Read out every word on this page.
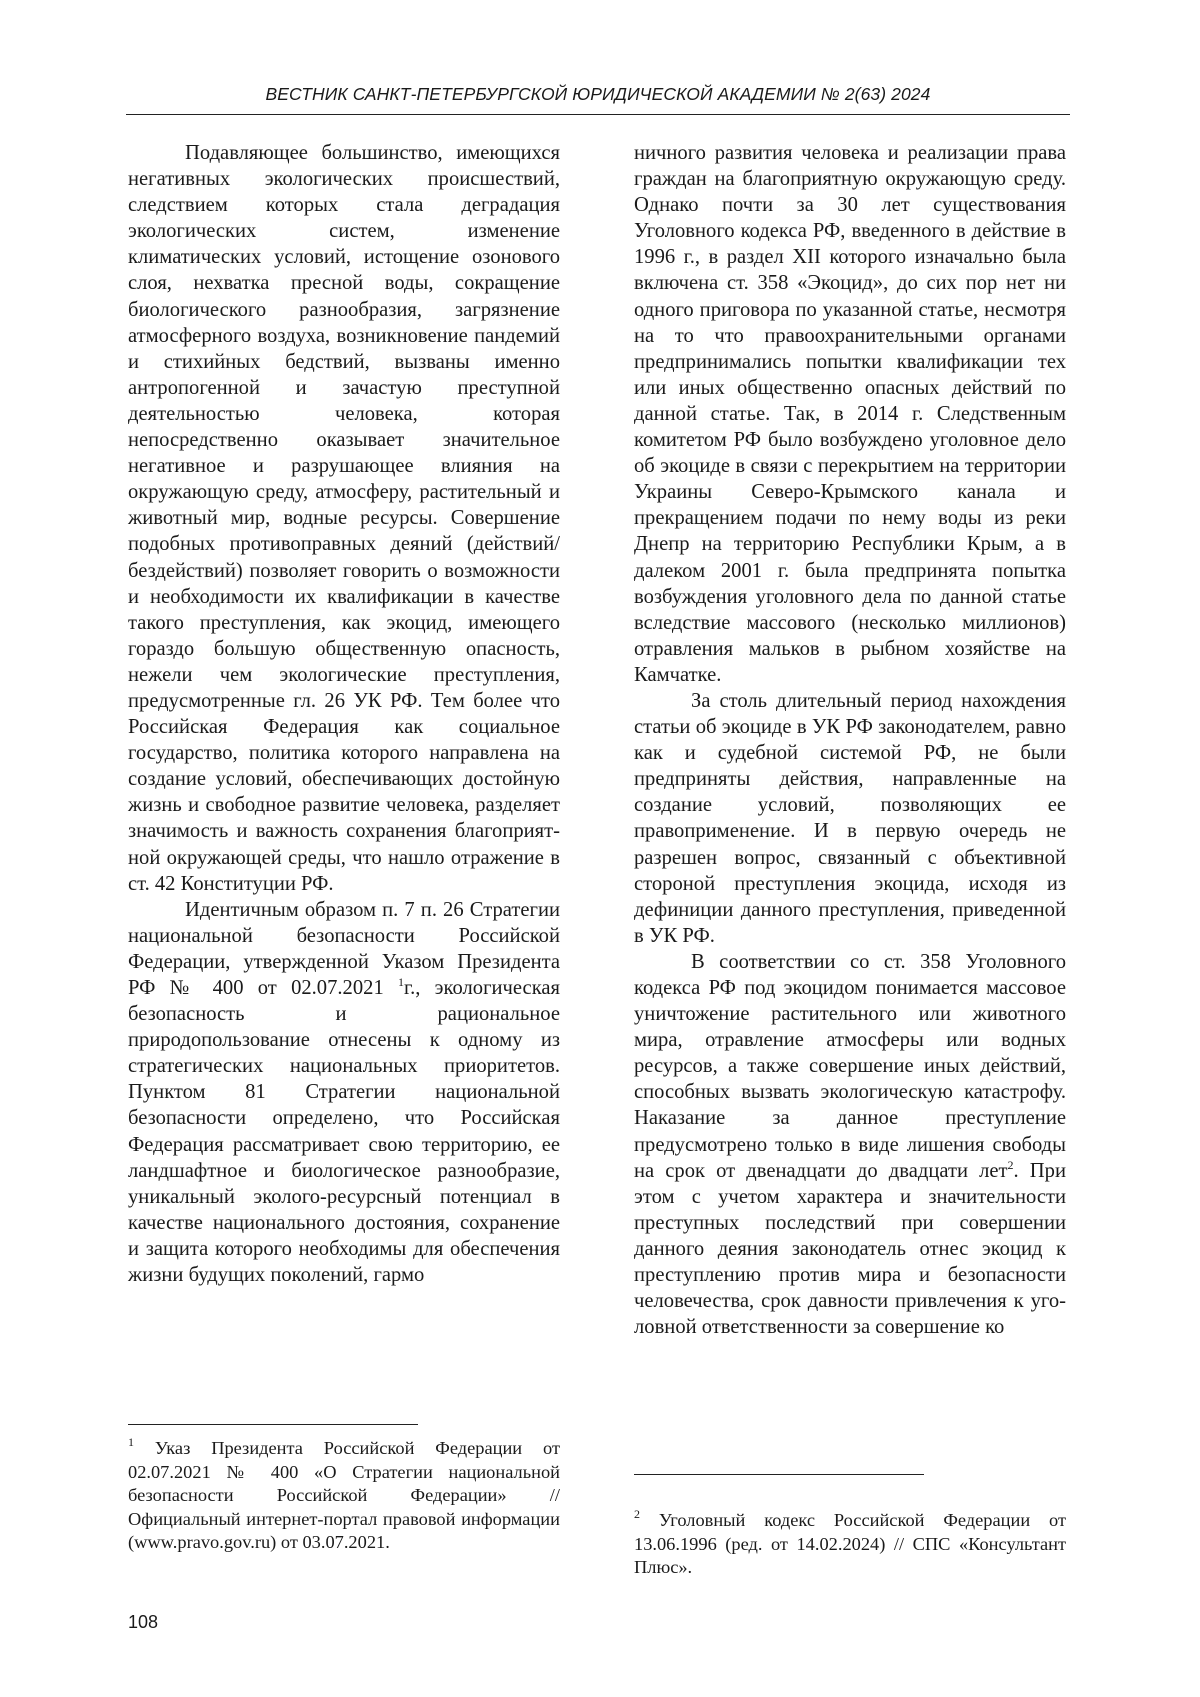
ВЕСТНИК САНКТ-ПЕТЕРБУРГСКОЙ ЮРИДИЧЕСКОЙ АКАДЕМИИ № 2(63) 2024

Подавляющее большинство, имеющихся негативных экологических происшествий, следствием которых стала деградация экологических систем, изменение климатических условий, истощение озонового слоя, нехватка пресной воды, сокращение биологического разнообразия, загрязнение атмосферного воздуха, возникновение пандемий и стихийных бедствий, вызваны именно антропогенной и зачастую преступной деятельностью человека, которая непосредственно оказывает значительное негативное и разрушающее влияния на окружающую среду, атмосферу, растительный и животный мир, водные ресурсы. Совершение подобных противоправных деяний (действий/бездействий) позволяет говорить о возможности и необходимости их квалификации в качестве такого преступления, как экоцид, имеющего гораздо большую общественную опасность, нежели чем экологические преступления, предусмотренные гл. 26 УК РФ. Тем более что Российская Федерация как социальное государство, политика которого направлена на создание условий, обеспечивающих достойную жизнь и свободное развитие человека, разделяет значимость и важность сохранения благоприятной окружающей среды, что нашло отражение в ст. 42 Конституции РФ.

Идентичным образом п. 7 п. 26 Стратегии национальной безопасности Российской Федерации, утвержденной Указом Президента РФ № 400 от 02.07.2021 $^1$г., экологическая безопасность и рациональное природопользование отнесены к одному из стратегических национальных приоритетов. Пунктом 81 Стратегии национальной безопасности определено, что Российская Федерация рассматривает свою территорию, ее ландшафтное и биологическое разнообразие, уникальный эколого-ресурсный потенциал в качестве национального достояния, сохранение и защита которого необходимы для обеспечения жизни будущих поколений, гармо

ничного развития человека и реализации права граждан на благоприятную окружающую среду. Однако почти за 30 лет существования Уголовного кодекса РФ, введенного в действие в 1996 г., в раздел XII которого изначально была включена ст. 358 «Экоцид», до сих пор нет ни одного приговора по указанной статье, несмотря на то что правоохранительными органами предпринимались попытки квалификации тех или иных общественно опасных действий по данной статье. Так, в 2014 г. Следственным комитетом РФ было возбуждено уголовное дело об экоциде в связи с перекрытием на территории Украины Северо-Крымского канала и прекращением подачи по нему воды из реки Днепр на территорию Республики Крым, а в далеком 2001 г. была предпринята попытка возбуждения уголовного дела по данной статье вследствие массового (несколько миллионов) отравления мальков в рыбном хозяйстве на Камчатке.

За столь длительный период нахождения статьи об экоциде в УК РФ законодателем, равно как и судебной системой РФ, не были предприняты действия, направленные на создание условий, позволяющих ее правоприменение. И в первую очередь не разрешен вопрос, связанный с объективной стороной преступления экоцида, исходя из дефиниции данного преступления, приведенной в УК РФ.

В соответствии со ст. 358 Уголовного кодекса РФ под экоцидом понимается массовое уничтожение растительного или животного мира, отравление атмосферы или водных ресурсов, а также совершение иных действий, способных вызвать экологическую катастрофу. Наказание за данное преступление предусмотрено только в виде лишения свободы на срок от двенадцати до двадцати лет$^2$. При этом с учетом характера и значительности преступных последствий при совершении данного деяния законодатель отнес экоцид к преступлению против мира и безопасности человечества, срок давности привлечения к уголовной ответственности за совершение ко

$^1$ Указ Президента Российской Федерации от 02.07.2021 № 400 «О Стратегии национальной безопасности Российской Федерации» // Официальный интернет-портал правовой информации (www.pravo.gov.ru) от 03.07.2021.

$^2$ Уголовный кодекс Российской Федерации от 13.06.1996 (ред. от 14.02.2024) // СПС «Консультант Плюс».

108
